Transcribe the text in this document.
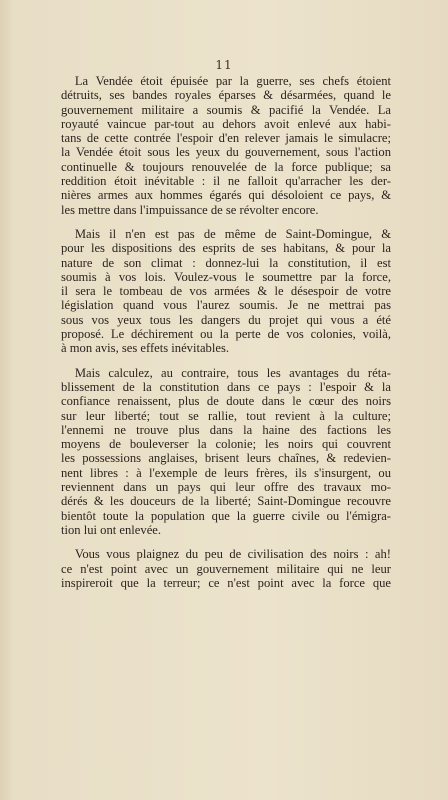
11
La Vendée étoit épuisée par la guerre, ses chefs étoient
détruits, ses bandes royales éparses & désarmées, quand le
gouvernement militaire a soumis & pacifié la Vendée. La
royauté vaincue par-tout au dehors avoit enlevé aux habi-
tans de cette contrée l'espoir d'en relever jamais le simulacre;
la Vendée étoit sous les yeux du gouvernement, sous l'action
continuelle & toujours renouvelée de la force publique; sa
reddition étoit inévitable : il ne falloit qu'arracher les der-
nières armes aux hommes égarés qui désoloient ce pays, &
les mettre dans l'impuissance de se révolter encore.
Mais il n'en est pas de même de Saint-Domingue, &
pour les dispositions des esprits de ses habitans, & pour la
nature de son climat : donnez-lui la constitution, il est
soumis à vos lois. Voulez-vous le soumettre par la force,
il sera le tombeau de vos armées & le désespoir de votre
législation quand vous l'aurez soumis. Je ne mettrai pas
sous vos yeux tous les dangers du projet qui vous a été
proposé. Le déchirement ou la perte de vos colonies, voilà,
à mon avis, ses effets inévitables.
Mais calculez, au contraire, tous les avantages du réta-
blissement de la constitution dans ce pays : l'espoir & la
confiance renaissent, plus de doute dans le cœur des noirs
sur leur liberté; tout se rallie, tout revient à la culture;
l'ennemi ne trouve plus dans la haine des factions les
moyens de bouleverser la colonie; les noirs qui couvrent
les possessions anglaises, brisent leurs chaînes, & redevien-
nent libres : à l'exemple de leurs frères, ils s'insurgent, ou
reviennent dans un pays qui leur offre des travaux mo-
dérés & les douceurs de la liberté; Saint-Domingue recouvre
bientôt toute la population que la guerre civile ou l'émigra-
tion lui ont enlevée.
Vous vous plaignez du peu de civilisation des noirs : ah!
ce n'est point avec un gouvernement militaire qui ne leur
inspireroit que la terreur; ce n'est point avec la force que
